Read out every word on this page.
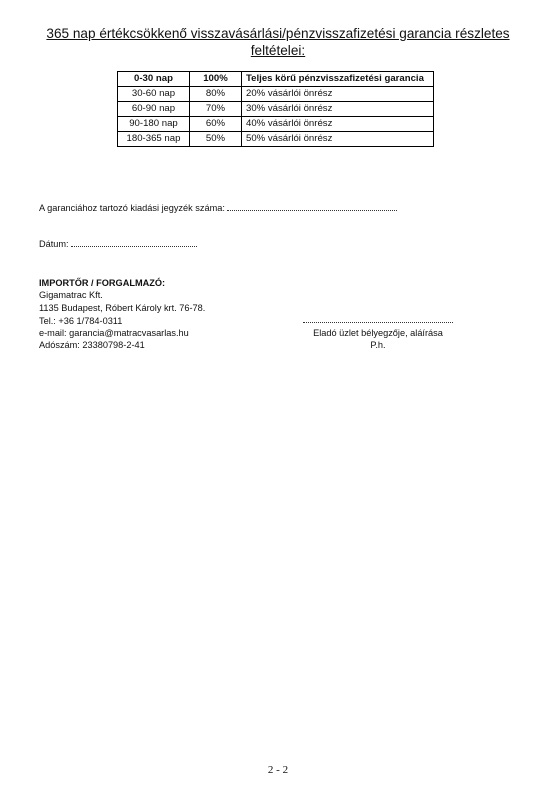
365 nap értékcsökkenő visszavásárlási/pénzvisszafizetési garancia részletes
feltételei:
0-30 nap	100%	Teljes körű pénzvisszafizetési garancia
30-60 nap	80%	20% vásárlói önrész
60-90 nap	70%	30% vásárlói önrész
90-180 nap	60%	40% vásárlói önrész
180-365 nap	50%	50% vásárlói önrész
A garanciához tartozó kiadási jegyzék száma:
Dátum:
IMPORTŐR / FORGALMAZÓ:
Gigamatrac Kft.
1135 Budapest, Róbert Károly krt. 76-78.
Tel.: +36 1/784-0311
e-mail: garancia@matracvasarlas.hu
Adószám: 23380798-2-41
Eladó üzlet bélyegzője, aláírása
P.h.
2 - 2
